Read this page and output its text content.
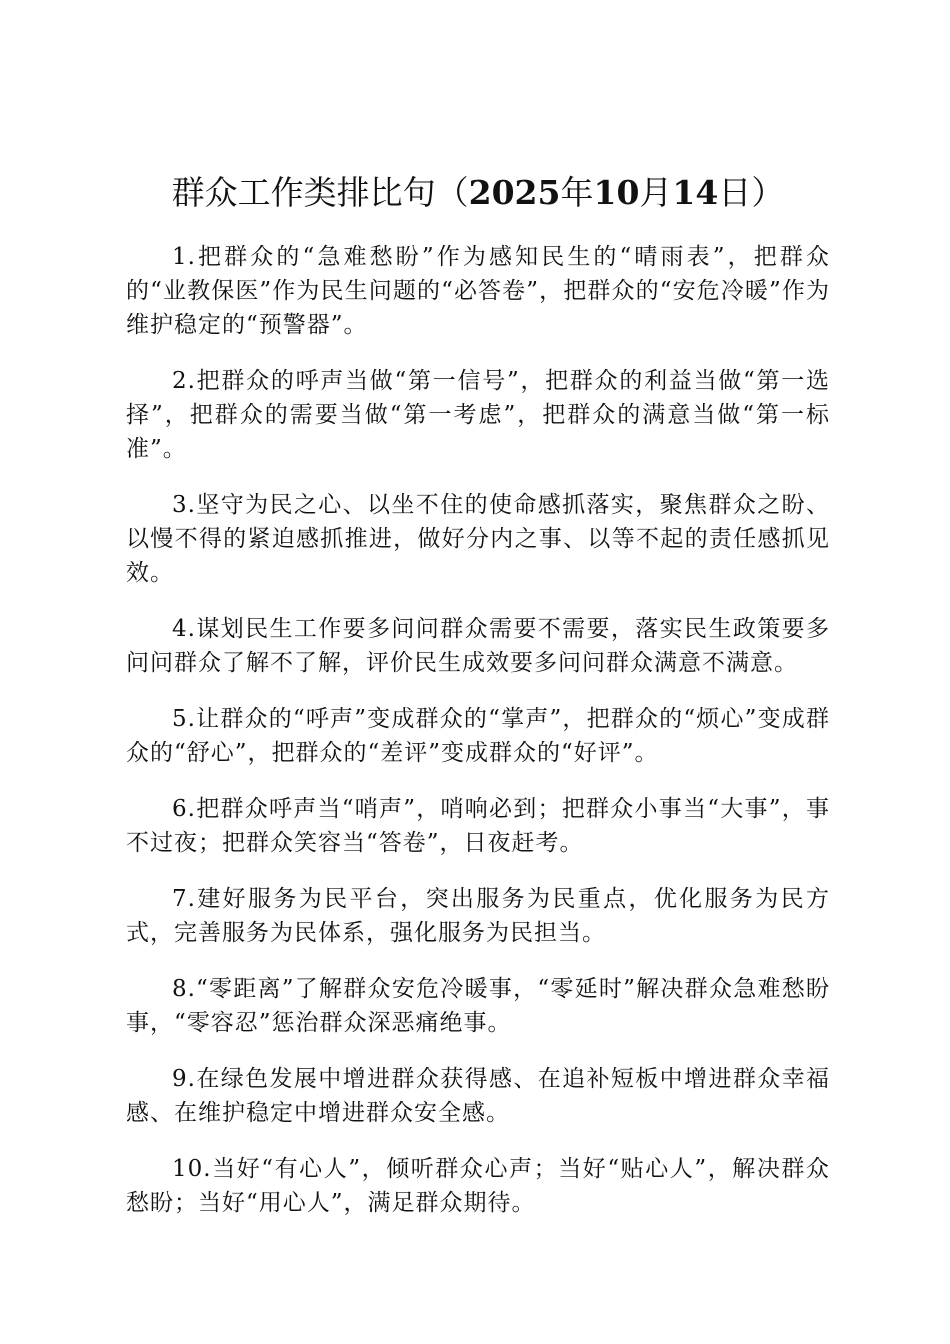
群众工作类排比句（2025年10月14日）

1.把群众的“急难愁盼”作为感知民生的“晴雨表”，把群众的“业教保医”作为民生问题的“必答卷”，把群众的“安危冷暖”作为维护稳定的“预警器”。

2.把群众的呼声当做“第一信号”，把群众的利益当做“第一选择”，把群众的需要当做“第一考虑”，把群众的满意当做“第一标准”。

3.坚守为民之心、以坐不住的使命感抓落实，聚焦群众之盼、以慢不得的紧迫感抓推进，做好分内之事、以等不起的责任感抓见效。

4.谋划民生工作要多问问群众需要不需要，落实民生政策要多问问群众了解不了解，评价民生成效要多问问群众满意不满意。

5.让群众的“呼声”变成群众的“掌声”，把群众的“烦心”变成群众的“舒心”，把群众的“差评”变成群众的“好评”。

6.把群众呼声当“哨声”，哨响必到；把群众小事当“大事”，事不过夜；把群众笑容当“答卷”，日夜赶考。

7.建好服务为民平台，突出服务为民重点，优化服务为民方式，完善服务为民体系，强化服务为民担当。

8.“零距离”了解群众安危冷暖事，“零延时”解决群众急难愁盼事，“零容忍”惩治群众深恶痛绝事。

9.在绿色发展中增进群众获得感、在追补短板中增进群众幸福感、在维护稳定中增进群众安全感。

10.当好“有心人”，倾听群众心声；当好“贴心人”，解决群众愁盼；当好“用心人”，满足群众期待。
